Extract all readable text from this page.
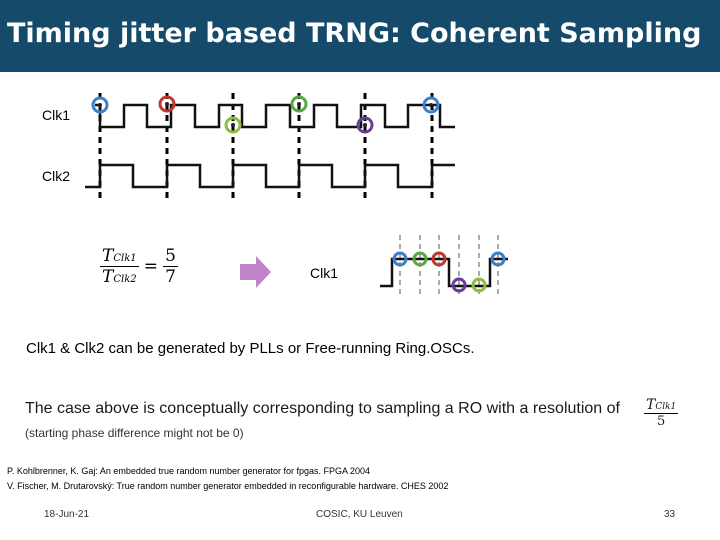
Timing jitter based TRNG: Coherent Sampling
Clk1
Clk2
$\frac{\text{TClk1}}{\text{TClk2}} = \frac{5}{7}$	Clk1
Clk1 & Clk2 can be generated by PLLs or Free-running Ring.OSCs.
The case above is conceptually corresponding to sampling a RO with a resolution of
(starting phase difference might not be 0)
$\frac{\text{TClk1}}{5}$
P. Kohlbrenner, K. Gaj: An embedded true random number generator for fpgas. FPGA 2004
V. Fischer, M. Drutarovský: True random number generator embedded in reconfigurable hardware. CHES 2002
18-Jun-21	COSIC, KU Leuven	33
